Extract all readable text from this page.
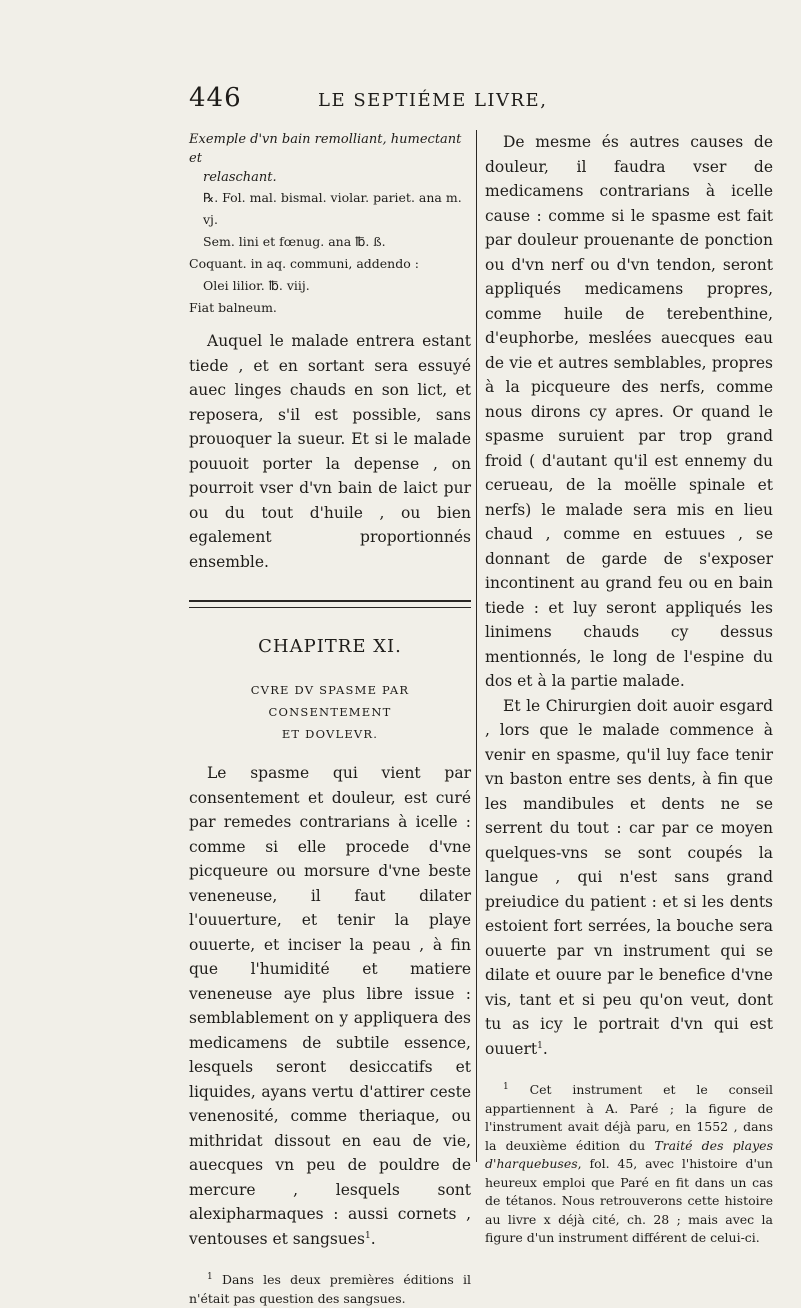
446	LE SEPTIÉME LIVRE,
Exemple d'vn bain remolliant, humectant et
relaschant.
℞. Fol. mal. bismal. violar. pariet. ana m. vj.
Sem. lini et fœnug. ana ℔. ß.
Coquant. in aq. communi, addendo :
Olei lilior. ℔. viij.
Fiat balneum.

Auquel le malade entrera estant tiede , et en sortant sera essuyé auec linges chauds en son lict, et reposera, s'il est possible, sans prouoquer la sueur. Et si le malade pouuoit porter la depense , on pourroit vser d'vn bain de laict pur ou du tout d'huile , ou bien egalement proportionnés ensemble.

CHAPITRE XI.
CVRE DV SPASME PAR CONSENTEMENT
ET DOVLEVR.

Le spasme qui vient par consentement et douleur, est curé par remedes contrarians à icelle : comme si elle procede d'vne picqueure ou morsure d'vne beste veneneuse, il faut dilater l'ouuerture, et tenir la playe ouuerte, et inciser la peau , à fin que l'humidité et matiere veneneuse aye plus libre issue : semblablement on y appliquera des medicamens de subtile essence, lesquels seront desiccatifs et liquides, ayans vertu d'attirer ceste venenosité, comme theriaque, ou mithridat dissout en eau de vie, auecques vn peu de pouldre de mercure , lesquels sont alexipharmaques : aussi cornets , ventouses et sangsues$^1$.

$^1$ Dans les deux premières éditions il n'était pas question des sangsues.

De mesme és autres causes de douleur, il faudra vser de medicamens contrarians à icelle cause : comme si le spasme est fait par douleur prouenante de ponction ou d'vn nerf ou d'vn tendon, seront appliqués medicamens propres, comme huile de terebenthine, d'euphorbe, meslées auecques eau de vie et autres semblables, propres à la picqueure des nerfs, comme nous dirons cy apres. Or quand le spasme suruient par trop grand froid ( d'autant qu'il est ennemy du cerueau, de la moëlle spinale et nerfs) le malade sera mis en lieu chaud , comme en estuues , se donnant de garde de s'exposer incontinent au grand feu ou en bain tiede : et luy seront appliqués les linimens chauds cy dessus mentionnés, le long de l'espine du dos et à la partie malade.

Et le Chirurgien doit auoir esgard , lors que le malade commence à venir en spasme, qu'il luy face tenir vn baston entre ses dents, à fin que les mandibules et dents ne se serrent du tout : car par ce moyen quelques-vns se sont coupés la langue , qui n'est sans grand preiudice du patient : et si les dents estoient fort serrées, la bouche sera ouuerte par vn instrument qui se dilate et ouure par le benefice d'vne vis, tant et si peu qu'on veut, dont tu as icy le portrait d'vn qui est ouuert$^1$.

$^1$ Cet instrument et le conseil appartiennent à A. Paré ; la figure de l'instrument avait déjà paru, en 1552 , dans la deuxième édition du Traité des playes d'harquebuses, fol. 45, avec l'histoire d'un heureux emploi que Paré en fit dans un cas de tétanos. Nous retrouverons cette histoire au livre x déjà cité, ch. 28 ; mais avec la figure d'un instrument différent de celui-ci.
